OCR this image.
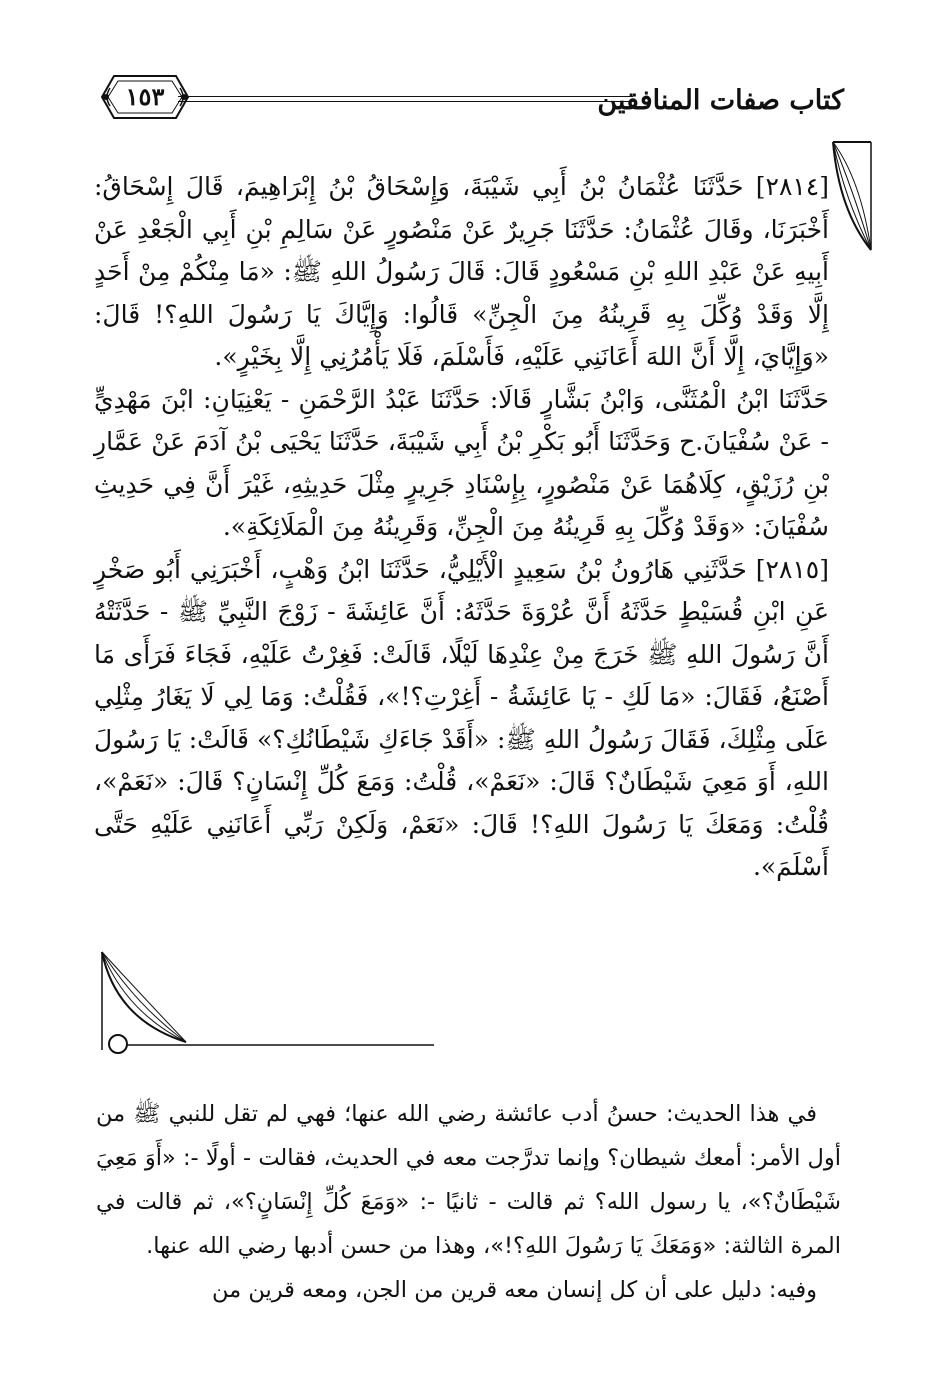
كتاب صفات المنافقين
١٥٣

[٢٨١٤] حَدَّثَنَا عُثْمَانُ بْنُ أَبِي شَيْبَةَ، وَإِسْحَاقُ بْنُ إِبْرَاهِيمَ، قَالَ إِسْحَاقُ: أَخْبَرَنَا، وقَالَ عُثْمَانُ: حَدَّثَنَا جَرِيرٌ عَنْ مَنْصُورٍ عَنْ سَالِمِ بْنِ أَبِي الْجَعْدِ عَنْ أَبِيهِ عَنْ عَبْدِ اللهِ بْنِ مَسْعُودٍ قَالَ: قَالَ رَسُولُ اللهِ ﷺ: «مَا مِنْكُمْ مِنْ أَحَدٍ إِلَّا وَقَدْ وُكِّلَ بِهِ قَرِينُهُ مِنَ الْجِنِّ» قَالُوا: وَإِيَّاكَ يَا رَسُولَ اللهِ؟! قَالَ: «وَإِيَّايَ، إِلَّا أَنَّ اللهَ أَعَانَنِي عَلَيْهِ، فَأَسْلَمَ، فَلَا يَأْمُرُنِي إِلَّا بِخَيْرٍ».

حَدَّثَنَا ابْنُ الْمُثَنَّى، وَابْنُ بَشَّارٍ قَالَا: حَدَّثَنَا عَبْدُ الرَّحْمَنِ - يَعْنِيَانِ: ابْنَ مَهْدِيٍّ - عَنْ سُفْيَانَ.ح وَحَدَّثَنَا أَبُو بَكْرِ بْنُ أَبِي شَيْبَةَ، حَدَّثَنَا يَحْيَى بْنُ آدَمَ عَنْ عَمَّارِ بْنِ رُزَيْقٍ، كِلَاهُمَا عَنْ مَنْصُورٍ، بِإِسْنَادِ جَرِيرٍ مِثْلَ حَدِيثِهِ، غَيْرَ أَنَّ فِي حَدِيثِ سُفْيَانَ: «وَقَدْ وُكِّلَ بِهِ قَرِينُهُ مِنَ الْجِنِّ، وَقَرِينُهُ مِنَ الْمَلَائِكَةِ».

[٢٨١٥] حَدَّثَنِي هَارُونُ بْنُ سَعِيدٍ الْأَيْلِيُّ، حَدَّثَنَا ابْنُ وَهْبٍ، أَخْبَرَنِي أَبُو صَخْرٍ عَنِ ابْنِ قُسَيْطٍ حَدَّثَهُ أَنَّ عُرْوَةَ حَدَّثَهُ: أَنَّ عَائِشَةَ - زَوْجَ النَّبِيِّ ﷺ - حَدَّثَتْهُ أَنَّ رَسُولَ اللهِ ﷺ خَرَجَ مِنْ عِنْدِهَا لَيْلًا، قَالَتْ: فَغِرْتُ عَلَيْهِ، فَجَاءَ فَرَأَى مَا أَصْنَعُ، فَقَالَ: «مَا لَكِ - يَا عَائِشَةُ - أَغِرْتِ؟!»، فَقُلْتُ: وَمَا لِي لَا يَغَارُ مِثْلِي عَلَى مِثْلِكَ، فَقَالَ رَسُولُ اللهِ ﷺ: «أَقَدْ جَاءَكِ شَيْطَانُكِ؟» قَالَتْ: يَا رَسُولَ اللهِ، أَوَ مَعِيَ شَيْطَانٌ؟ قَالَ: «نَعَمْ»، قُلْتُ: وَمَعَ كُلِّ إِنْسَانٍ؟ قَالَ: «نَعَمْ»، قُلْتُ: وَمَعَكَ يَا رَسُولَ اللهِ؟! قَالَ: «نَعَمْ، وَلَكِنْ رَبِّي أَعَانَنِي عَلَيْهِ حَتَّى أَسْلَمَ».

في هذا الحديث: حسنُ أدب عائشة رضي الله عنها؛ فهي لم تقل للنبي ﷺ من أول الأمر: أمعك شيطان؟ وإنما تدرَّجت معه في الحديث، فقالت - أولًا -: «أَوَ مَعِيَ شَيْطَانٌ؟»، يا رسول الله؟ ثم قالت - ثانيًا -: «وَمَعَ كُلِّ إِنْسَانٍ؟»، ثم قالت في المرة الثالثة: «وَمَعَكَ يَا رَسُولَ اللهِ؟!»، وهذا من حسن أدبها رضي الله عنها.

وفيه: دليل على أن كل إنسان معه قرين من الجن، ومعه قرين من
